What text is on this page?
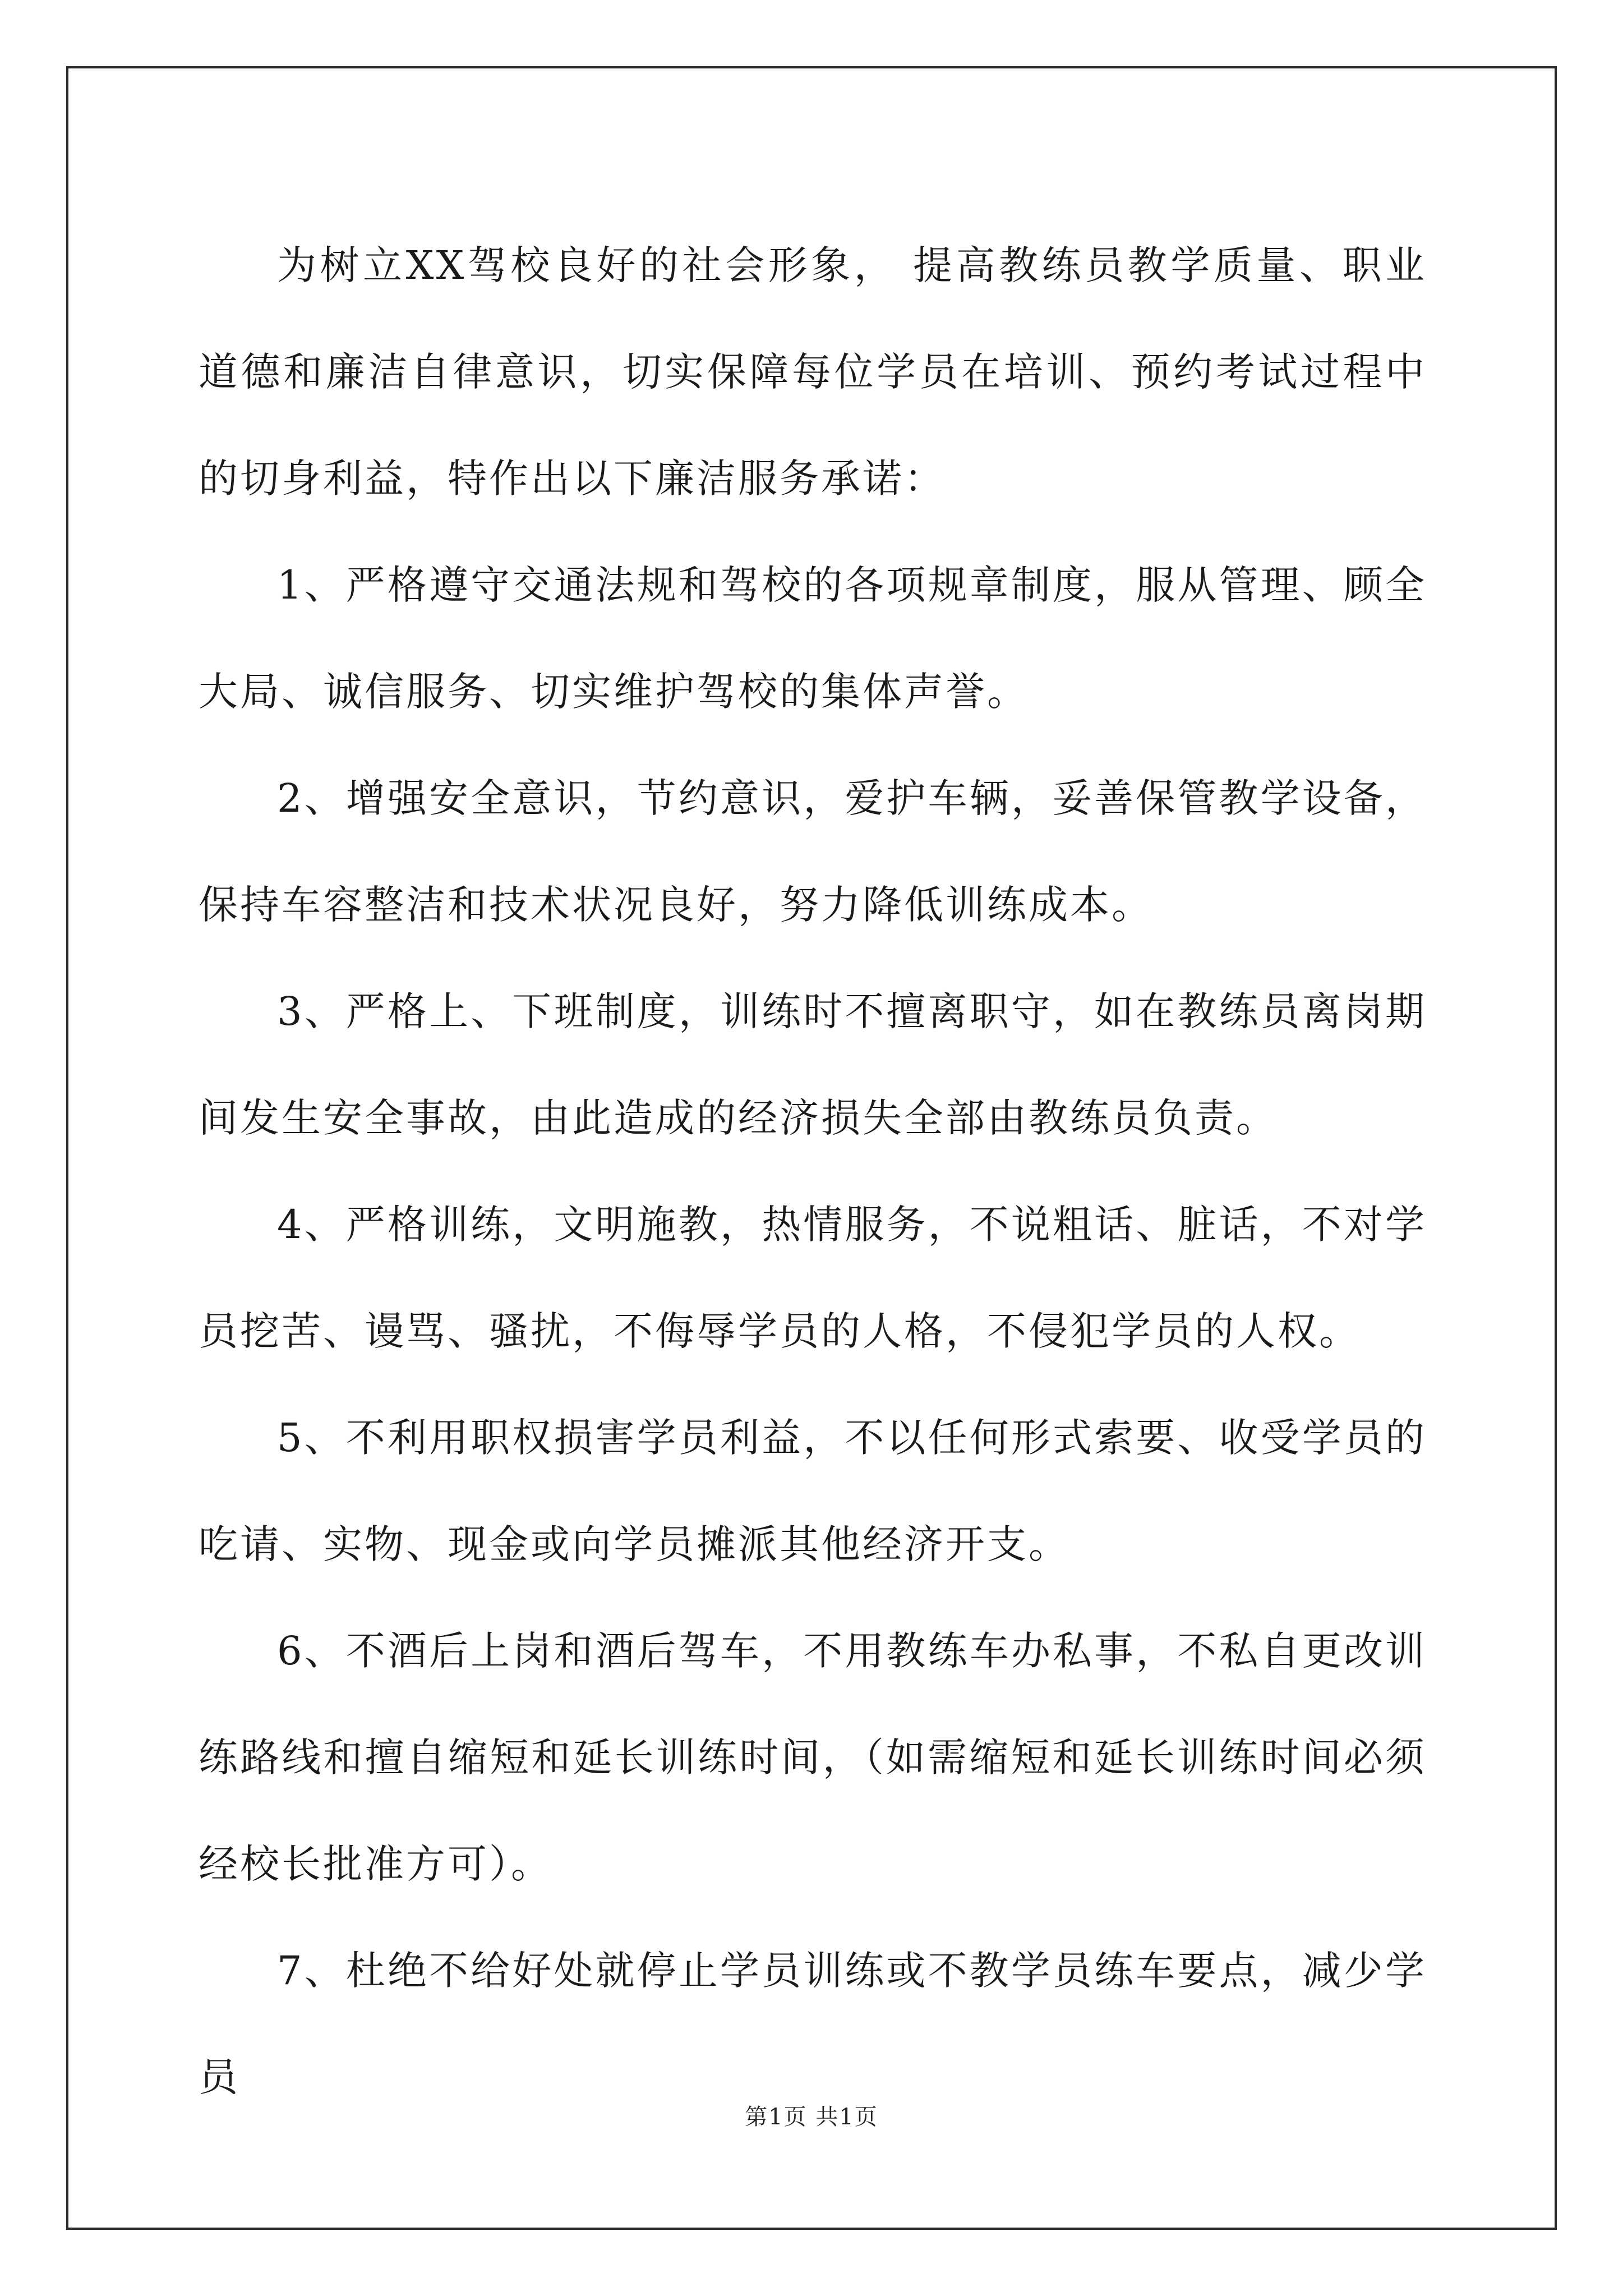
为树立XX驾校良好的社会形象， 提高教练员教学质量、职业道德和廉洁自律意识，切实保障每位学员在培训、预约考试过程中的切身利益，特作出以下廉洁服务承诺：

1、严格遵守交通法规和驾校的各项规章制度，服从管理、顾全大局、诚信服务、切实维护驾校的集体声誉。

2、增强安全意识，节约意识，爱护车辆，妥善保管教学设备，保持车容整洁和技术状况良好，努力降低训练成本。

3、严格上、下班制度，训练时不擅离职守，如在教练员离岗期间发生安全事故，由此造成的经济损失全部由教练员负责。

4、严格训练，文明施教，热情服务，不说粗话、脏话，不对学员挖苦、谩骂、骚扰，不侮辱学员的人格，不侵犯学员的人权。

5、不利用职权损害学员利益，不以任何形式索要、收受学员的吃请、实物、现金或向学员摊派其他经济开支。

6、不酒后上岗和酒后驾车，不用教练车办私事，不私自更改训练路线和擅自缩短和延长训练时间，（如需缩短和延长训练时间必须经校长批准方可）。

7、杜绝不给好处就停止学员训练或不教学员练车要点，减少学员

第1页 共1页
